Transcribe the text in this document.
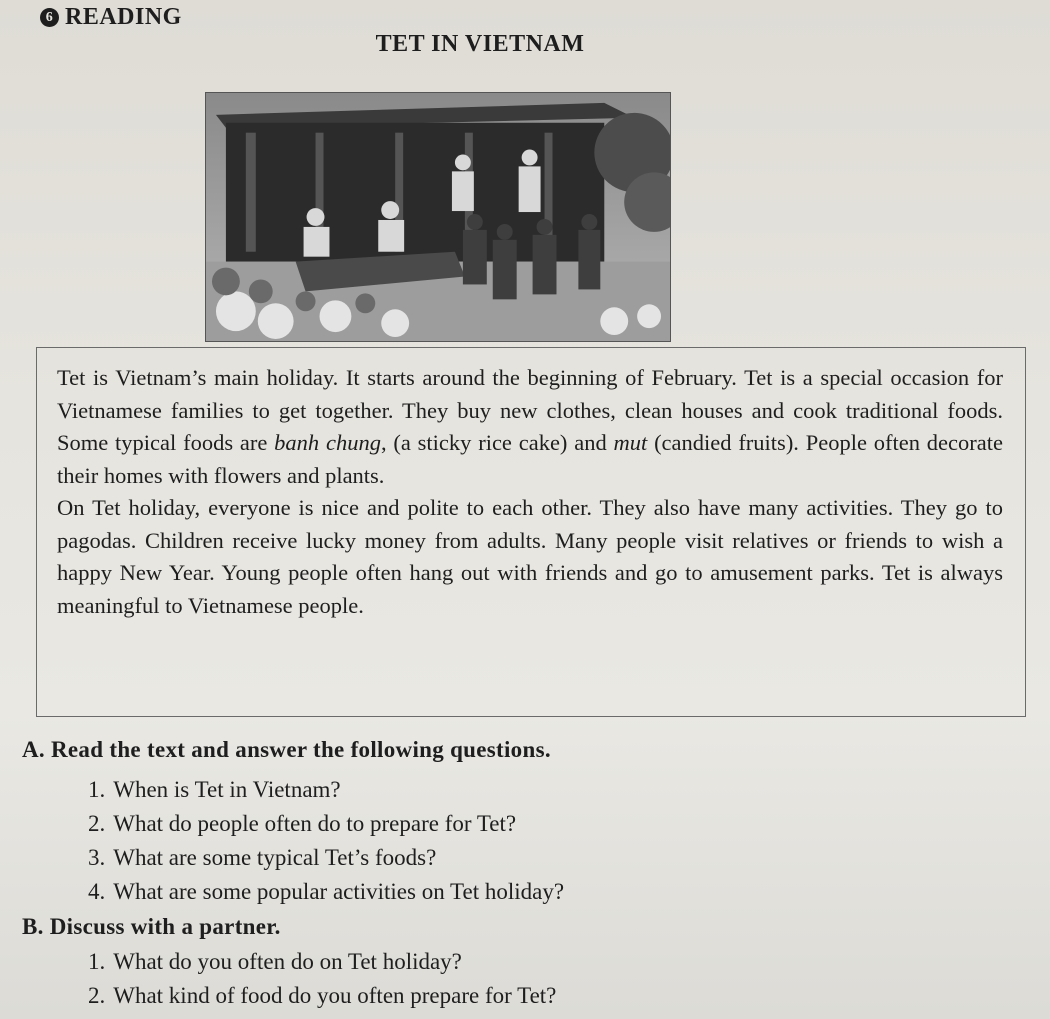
6 READING
TET IN VIETNAM

Tet is Vietnam’s main holiday. It starts around the beginning of February. Tet is a special occasion for Vietnamese families to get together. They buy new clothes, clean houses and cook traditional foods. Some typical foods are banh chung, (a sticky rice cake) and mut (candied fruits). People often decorate their homes with flowers and plants.

On Tet holiday, everyone is nice and polite to each other. They also have many activities. They go to pagodas. Children receive lucky money from adults. Many people visit relatives or friends to wish a happy New Year. Young people often hang out with friends and go to amusement parks. Tet is always meaningful to Vietnamese people.

A. Read the text and answer the following questions.
1. When is Tet in Vietnam?
2. What do people often do to prepare for Tet?
3. What are some typical Tet’s foods?
4. What are some popular activities on Tet holiday?
B. Discuss with a partner.
1. What do you often do on Tet holiday?
2. What kind of food do you often prepare for Tet?
